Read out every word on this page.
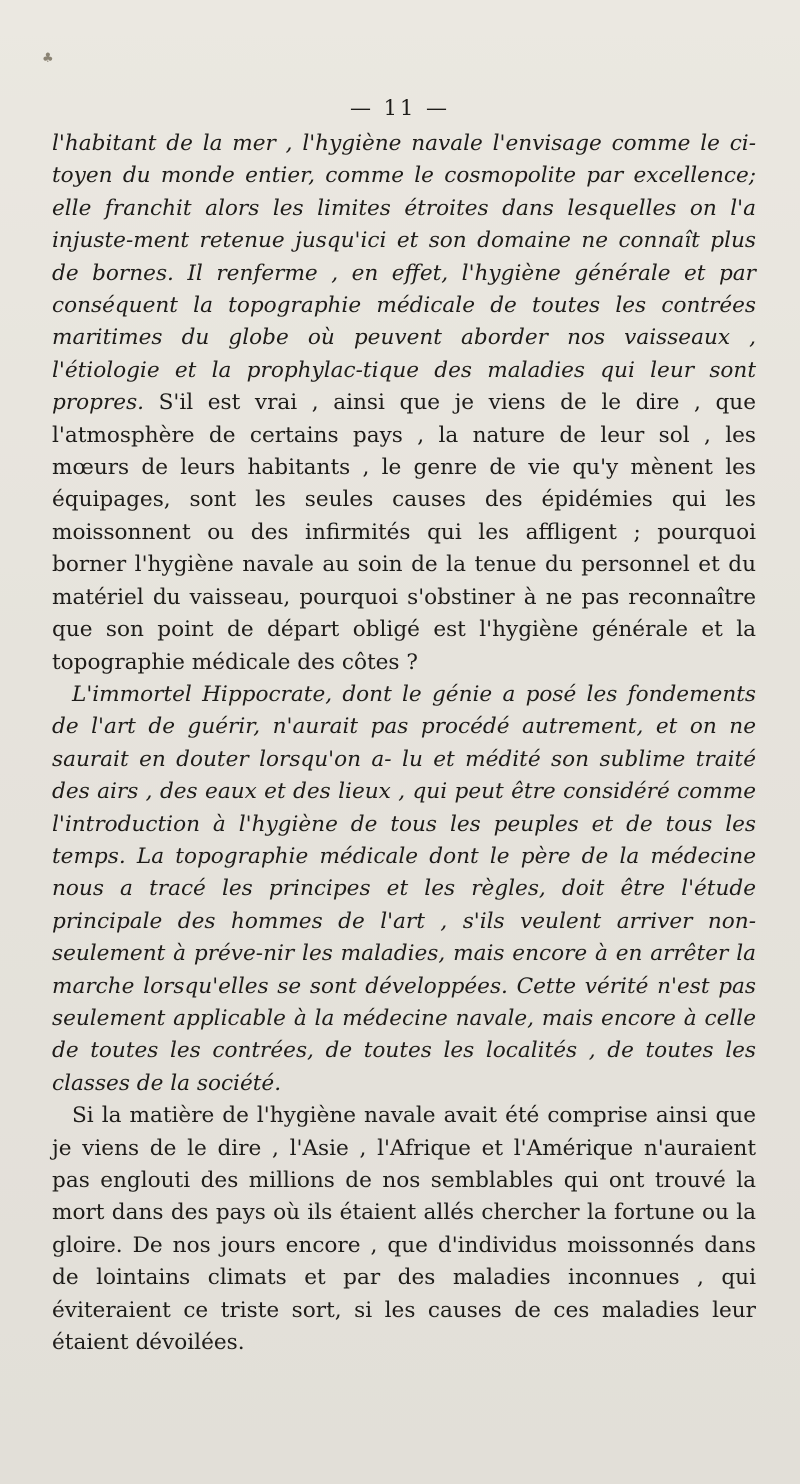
♣
— 11 —

l'habitant de la mer , l'hygiène navale l'envisage comme le ci-toyen du monde entier, comme le cosmopolite par excellence; elle franchit alors les limites étroites dans lesquelles on l'a injuste-ment retenue jusqu'ici et son domaine ne connaît plus de bornes. Il renferme , en effet, l'hygiène générale et par conséquent la topographie médicale de toutes les contrées maritimes du globe où peuvent aborder nos vaisseaux , l'étiologie et la prophylac-tique des maladies qui leur sont propres. S'il est vrai , ainsi que je viens de le dire , que l'atmosphère de certains pays , la nature de leur sol , les mœurs de leurs habitants , le genre de vie qu'y mènent les équipages, sont les seules causes des épidémies qui les moissonnent ou des infirmités qui les affligent ; pourquoi borner l'hygiène navale au soin de la tenue du personnel et du matériel du vaisseau, pourquoi s'obstiner à ne pas reconnaître que son point de départ obligé est l'hygiène générale et la topographie médicale des côtes ?

L'immortel Hippocrate, dont le génie a posé les fondements de l'art de guérir, n'aurait pas procédé autrement, et on ne saurait en douter lorsqu'on a- lu et médité son sublime traité des airs , des eaux et des lieux , qui peut être considéré comme l'introduction à l'hygiène de tous les peuples et de tous les temps. La topographie médicale dont le père de la médecine nous a tracé les principes et les règles, doit être l'étude principale des hommes de l'art , s'ils veulent arriver non-seulement à préve-nir les maladies, mais encore à en arrêter la marche lorsqu'elles se sont développées. Cette vérité n'est pas seulement applicable à la médecine navale, mais encore à celle de toutes les contrées, de toutes les localités , de toutes les classes de la société.

Si la matière de l'hygiène navale avait été comprise ainsi que je viens de le dire , l'Asie , l'Afrique et l'Amérique n'auraient pas englouti des millions de nos semblables qui ont trouvé la mort dans des pays où ils étaient allés chercher la fortune ou la gloire. De nos jours encore , que d'individus moissonnés dans de lointains climats et par des maladies inconnues , qui éviteraient ce triste sort, si les causes de ces maladies leur étaient dévoilées.
